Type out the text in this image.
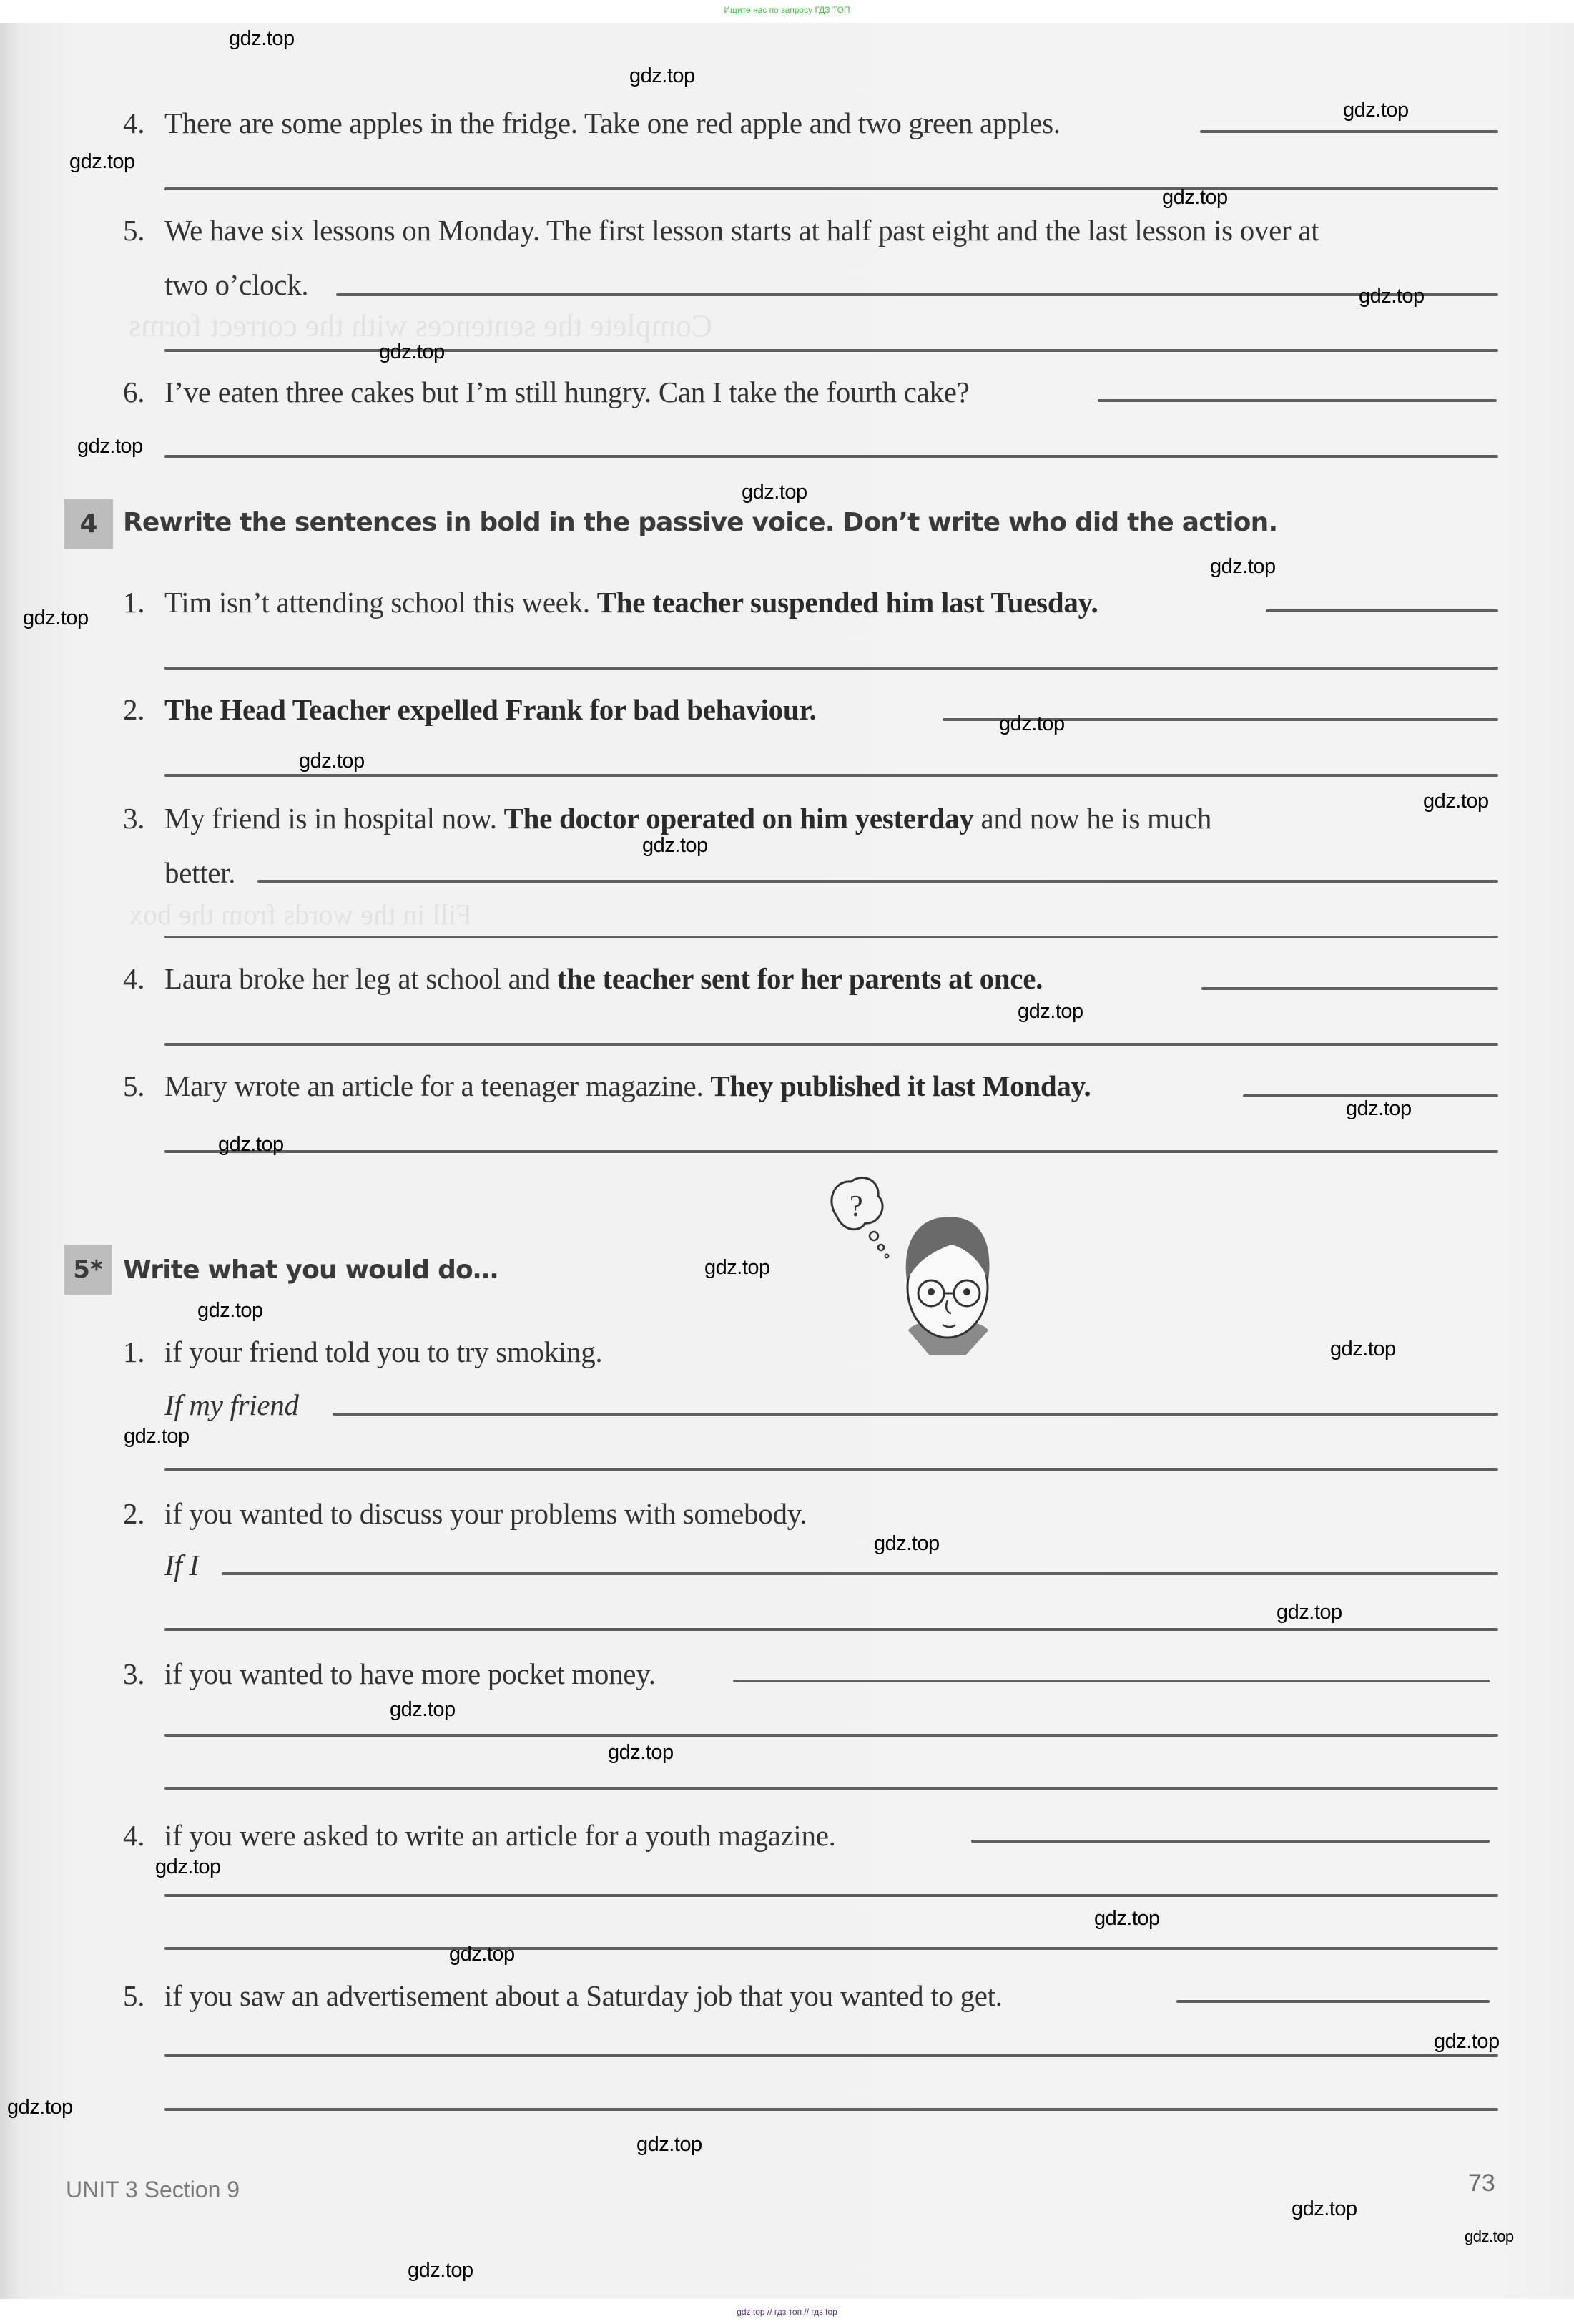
Ищите нас по запросу ГДЗ ТОП
Complete the sentences with the correct forms
Fill in the words from the box
4. There are some apples in the fridge. Take one red apple and two green apples.
5. We have six lessons on Monday. The first lesson starts at half past eight and the last lesson is over at
two o’clock.
6. I’ve eaten three cakes but I’m still hungry. Can I take the fourth cake?
4 Rewrite the sentences in bold in the passive voice. Don’t write who did the action.
1. Tim isn’t attending school this week. The teacher suspended him last Tuesday.
2. The Head Teacher expelled Frank for bad behaviour.
3. My friend is in hospital now. The doctor operated on him yesterday and now he is much
better.
4. Laura broke her leg at school and the teacher sent for her parents at once.
5. Mary wrote an article for a teenager magazine. They published it last Monday.
5* Write what you would do…
?
1. if your friend told you to try smoking.
If my friend
2. if you wanted to discuss your problems with somebody.
If I
3. if you wanted to have more pocket money.
4. if you were asked to write an article for a youth magazine.
5. if you saw an advertisement about a Saturday job that you wanted to get.
UNIT 3 Section 9	73
gdz.top
gdz.top
gdz.top
gdz.top
gdz.top
gdz.top
gdz.top
gdz.top
gdz.top
gdz.top
gdz.top
gdz.top
gdz.top
gdz.top
gdz.top
gdz.top
gdz.top
gdz.top
gdz.top
gdz.top
gdz.top
gdz.top
gdz.top
gdz.top
gdz.top
gdz.top
gdz.top
gdz.top
gdz.top
gdz.top
gdz.top
gdz.top
gdz.top
gdz.top
gdz.top
gdz top // гдз топ // гдз top
